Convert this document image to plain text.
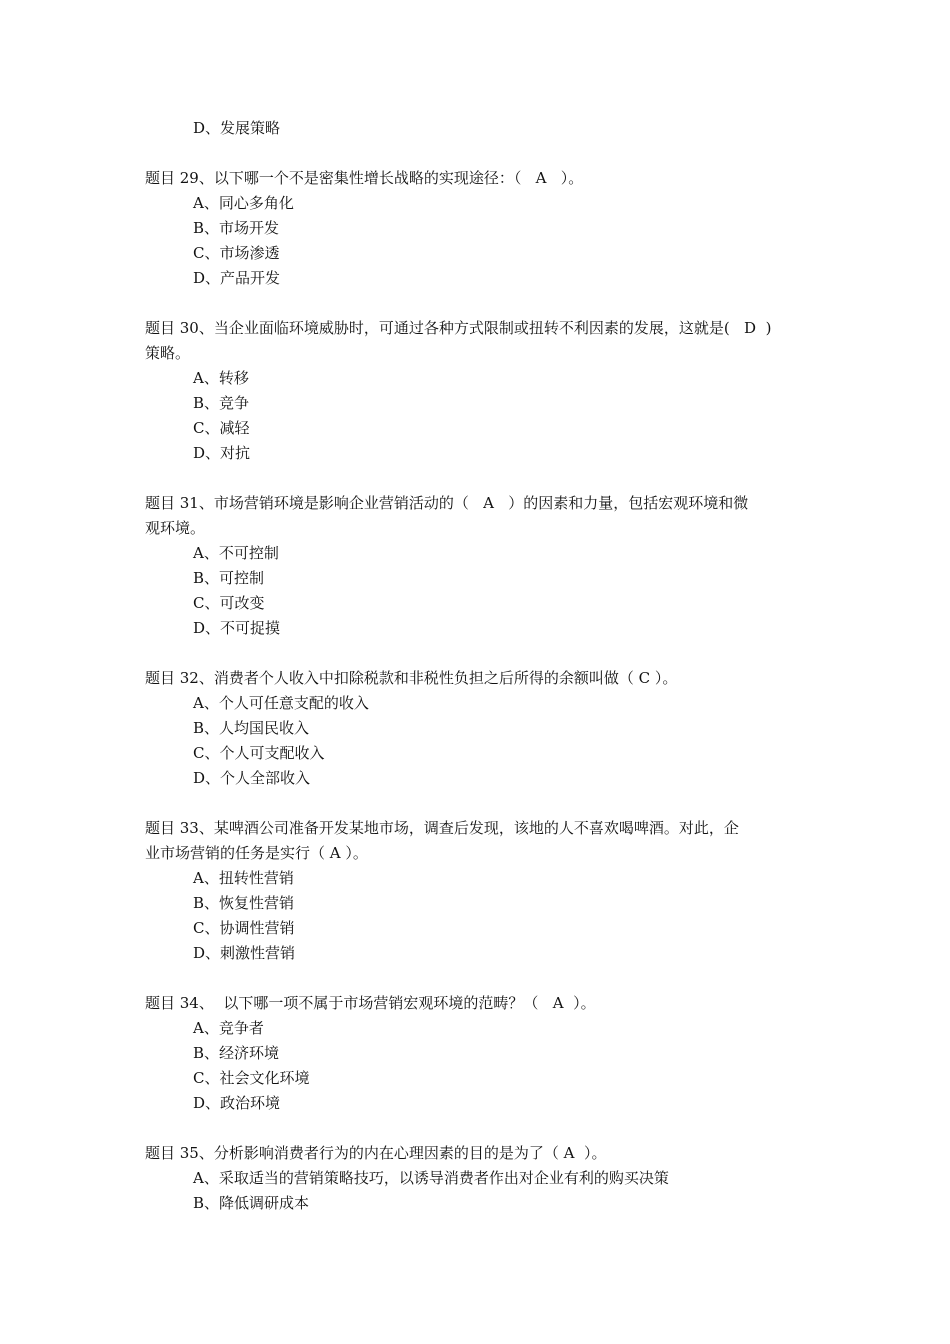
D、发展策略
题目 29、以下哪一个不是密集性增长战略的实现途径：（   A   ）。
A、同心多角化
B、市场开发
C、市场渗透
D、产品开发
题目 30、当企业面临环境威胁时，可通过各种方式限制或扭转不利因素的发展，这就是(   D  )
策略。
A、转移
B、竞争
C、减轻
D、对抗
题目 31、市场营销环境是影响企业营销活动的（   A   ）的因素和力量，包括宏观环境和微
观环境。
A、不可控制
B、可控制
C、可改变
D、不可捉摸
题目 32、消费者个人收入中扣除税款和非税性负担之后所得的余额叫做（ C ）。
A、个人可任意支配的收入
B、人均国民收入
C、个人可支配收入
D、个人全部收入
题目 33、某啤酒公司准备开发某地市场，调查后发现，该地的人不喜欢喝啤酒。对此，企
业市场营销的任务是实行（ A ）。
A、扭转性营销
B、恢复性营销
C、协调性营销
D、刺激性营销
题目 34、  以下哪一项不属于市场营销宏观环境的范畴？（   A  ）。
A、竞争者
B、经济环境
C、社会文化环境
D、政治环境
题目 35、分析影响消费者行为的内在心理因素的目的是为了（ A  ）。
A、采取适当的营销策略技巧，以诱导消费者作出对企业有利的购买决策
B、降低调研成本
